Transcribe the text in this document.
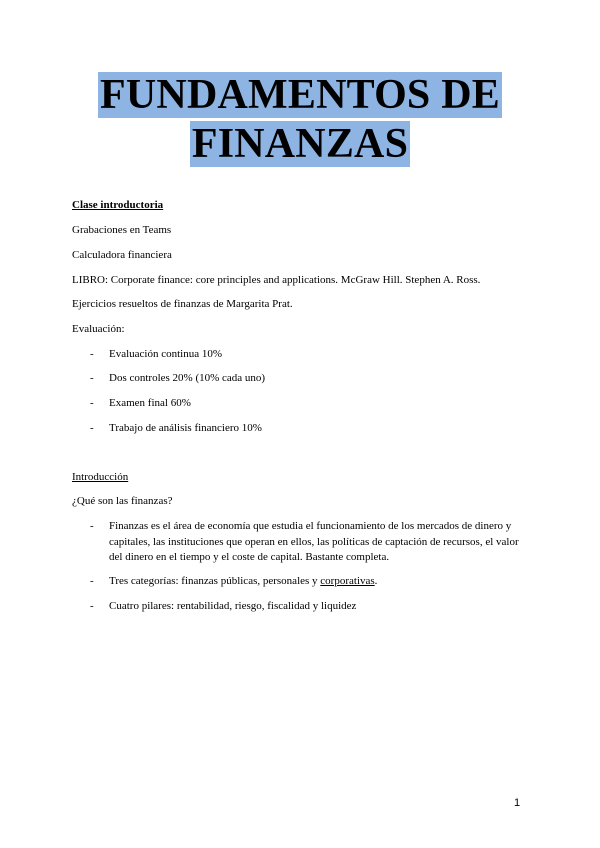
FUNDAMENTOS DE
FINANZAS
Clase introductoria
Grabaciones en Teams
Calculadora financiera
LIBRO: Corporate finance: core principles and applications. McGraw Hill. Stephen A. Ross.
Ejercicios resueltos de finanzas de Margarita Prat.
Evaluación:
- Evaluación continua 10%
- Dos controles 20% (10% cada uno)
- Examen final 60%
- Trabajo de análisis financiero 10%
Introducción
¿Qué son las finanzas?
- Finanzas es el área de economía que estudia el funcionamiento de los mercados de dinero y capitales, las instituciones que operan en ellos, las políticas de captación de recursos, el valor del dinero en el tiempo y el coste de capital. Bastante completa.
- Tres categorías: finanzas públicas, personales y corporativas.
- Cuatro pilares: rentabilidad, riesgo, fiscalidad y liquidez
1
